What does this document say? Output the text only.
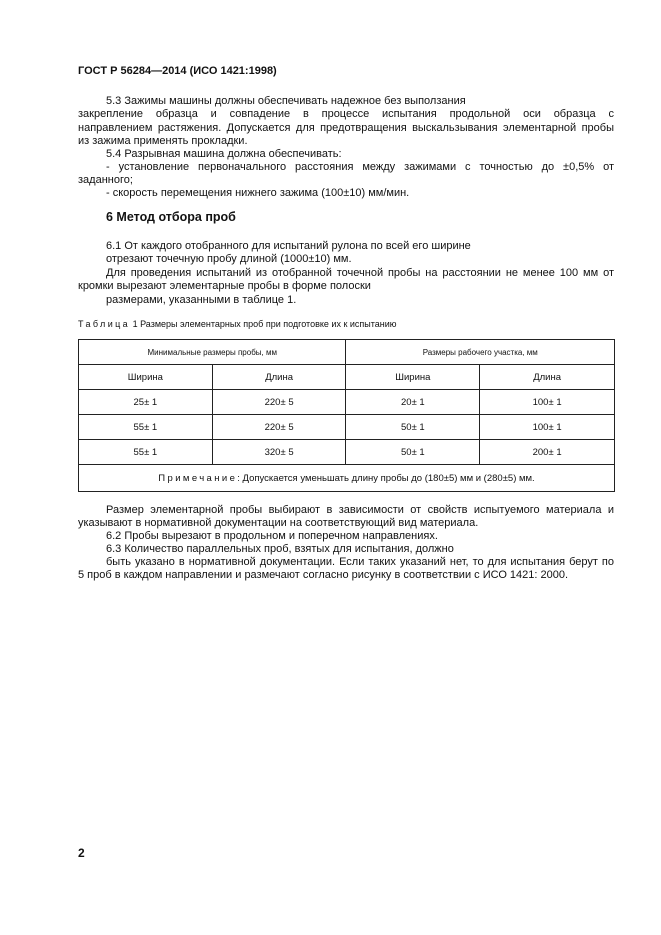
ГОСТ Р 56284—2014 (ИСО 1421:1998)
5.3 Зажимы машины должны обеспечивать надежное без выползания
закрепление образца и совпадение в процессе испытания продольной оси образца с
направлением растяжения. Допускается для предотвращения выскальзывания элементарной пробы
из зажима применять прокладки.
5.4 Разрывная машина должна обеспечивать:
- установление первоначального расстояния между зажимами с точностью до ±0,5% от
заданного;
- скорость перемещения нижнего зажима (100±10) мм/мин.
6 Метод отбора проб
6.1 От каждого отобранного для испытаний рулона по всей его ширине
отрезают точечную пробу длиной (1000±10) мм.
Для проведения испытаний из отобранной точечной пробы на расстоянии не менее 100 мм от
кромки вырезают элементарные пробы в форме полоски
размерами, указанными в таблице 1.
Таблица 1 Размеры элементарных проб при подготовке их к испытанию
Минимальные размеры пробы, мм		Размеры рабочего участка, мм	
Ширина	Длина	Ширина	Длина
25± 1	220± 5	20± 1	100± 1
55± 1	220± 5	50± 1	100± 1
55± 1	320± 5	50± 1	200± 1
Примечание: Допускается уменьшать длину пробы до (180±5) мм и (280±5) мм.			
Размер элементарной пробы выбирают в зависимости от свойств испытуемого материала и
указывают в нормативной документации на соответствующий вид материала.
6.2 Пробы вырезают в продольном и поперечном направлениях.
6.3 Количество параллельных проб, взятых для испытания, должно
быть указано в нормативной документации. Если таких указаний нет, то для испытания берут по
5 проб в каждом направлении и размечают согласно рисунку в соответствии с ИСО 1421: 2000.
2
